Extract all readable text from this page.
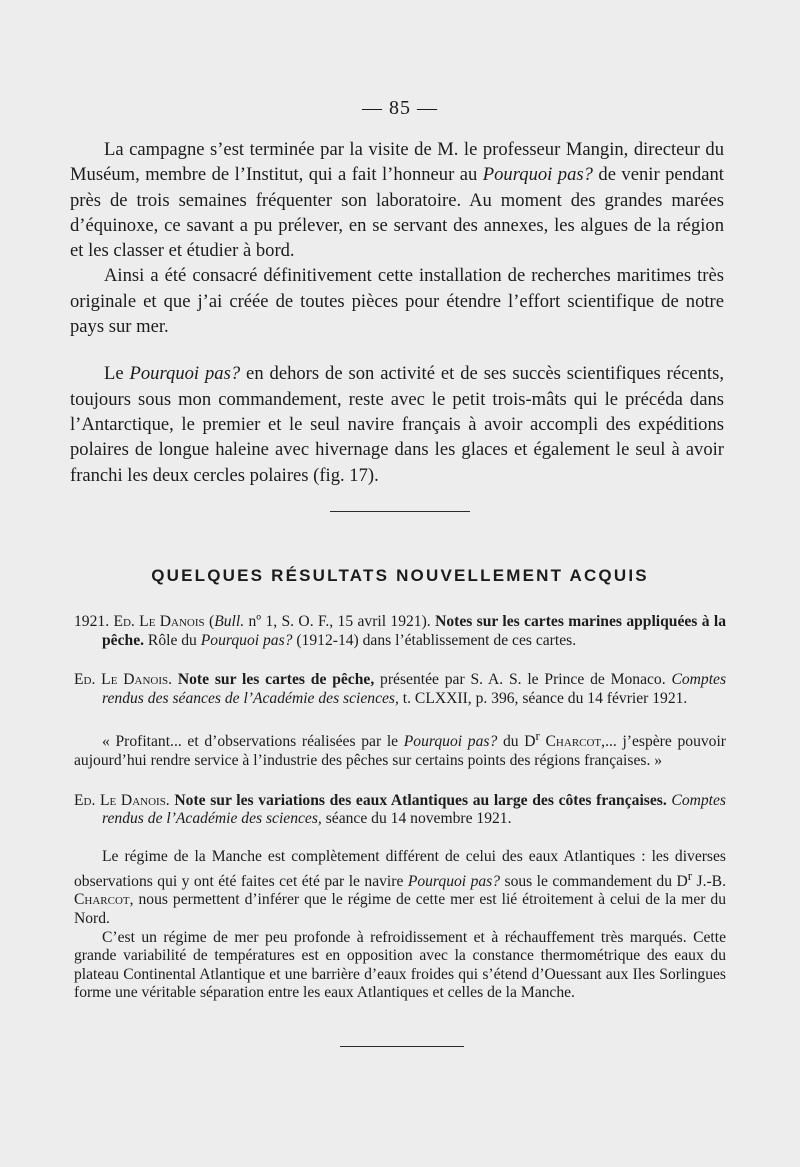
— 85 —

La campagne s’est terminée par la visite de M. le professeur Mangin, directeur du Muséum, membre de l’Institut, qui a fait l’honneur au Pourquoi pas? de venir pendant près de trois semaines fréquenter son laboratoire. Au moment des grandes marées d’équinoxe, ce savant a pu prélever, en se servant des annexes, les algues de la région et les classer et étudier à bord.

Ainsi a été consacré définitivement cette installation de recherches maritimes très originale et que j’ai créée de toutes pièces pour étendre l’effort scientifique de notre pays sur mer.

Le Pourquoi pas? en dehors de son activité et de ses succès scientifiques récents, toujours sous mon commandement, reste avec le petit trois-mâts qui le précéda dans l’Antarctique, le premier et le seul navire français à avoir accompli des expéditions polaires de longue haleine avec hivernage dans les glaces et également le seul à avoir franchi les deux cercles polaires (fig. 17).

QUELQUES RÉSULTATS NOUVELLEMENT ACQUIS

1921. Ed. Le Danois (Bull. nº 1, S. O. F., 15 avril 1921). Notes sur les cartes marines appliquées à la pêche. Rôle du Pourquoi pas? (1912-14) dans l’établissement de ces cartes.

Ed. Le Danois. Note sur les cartes de pêche, présentée par S. A. S. le Prince de Monaco. Comptes rendus des séances de l’Académie des sciences, t. CLXXII, p. 396, séance du 14 février 1921.

« Profitant... et d’observations réalisées par le Pourquoi pas? du $D^r$ Charcot,... j’espère pouvoir aujourd’hui rendre service à l’industrie des pêches sur certains points des régions françaises. »

Ed. Le Danois. Note sur les variations des eaux Atlantiques au large des côtes françaises. Comptes rendus de l’Académie des sciences, séance du 14 novembre 1921.

Le régime de la Manche est complètement différent de celui des eaux Atlantiques : les diverses observations qui y ont été faites cet été par le navire Pourquoi pas? sous le commandement du $D^r$ J.-B. Charcot, nous permettent d’inférer que le régime de cette mer est lié étroitement à celui de la mer du Nord.

C’est un régime de mer peu profonde à refroidissement et à réchauffement très marqués. Cette grande variabilité de températures est en opposition avec la constance thermométrique des eaux du plateau Continental Atlantique et une barrière d’eaux froides qui s’étend d’Ouessant aux Iles Sorlingues forme une véritable séparation entre les eaux Atlantiques et celles de la Manche.
